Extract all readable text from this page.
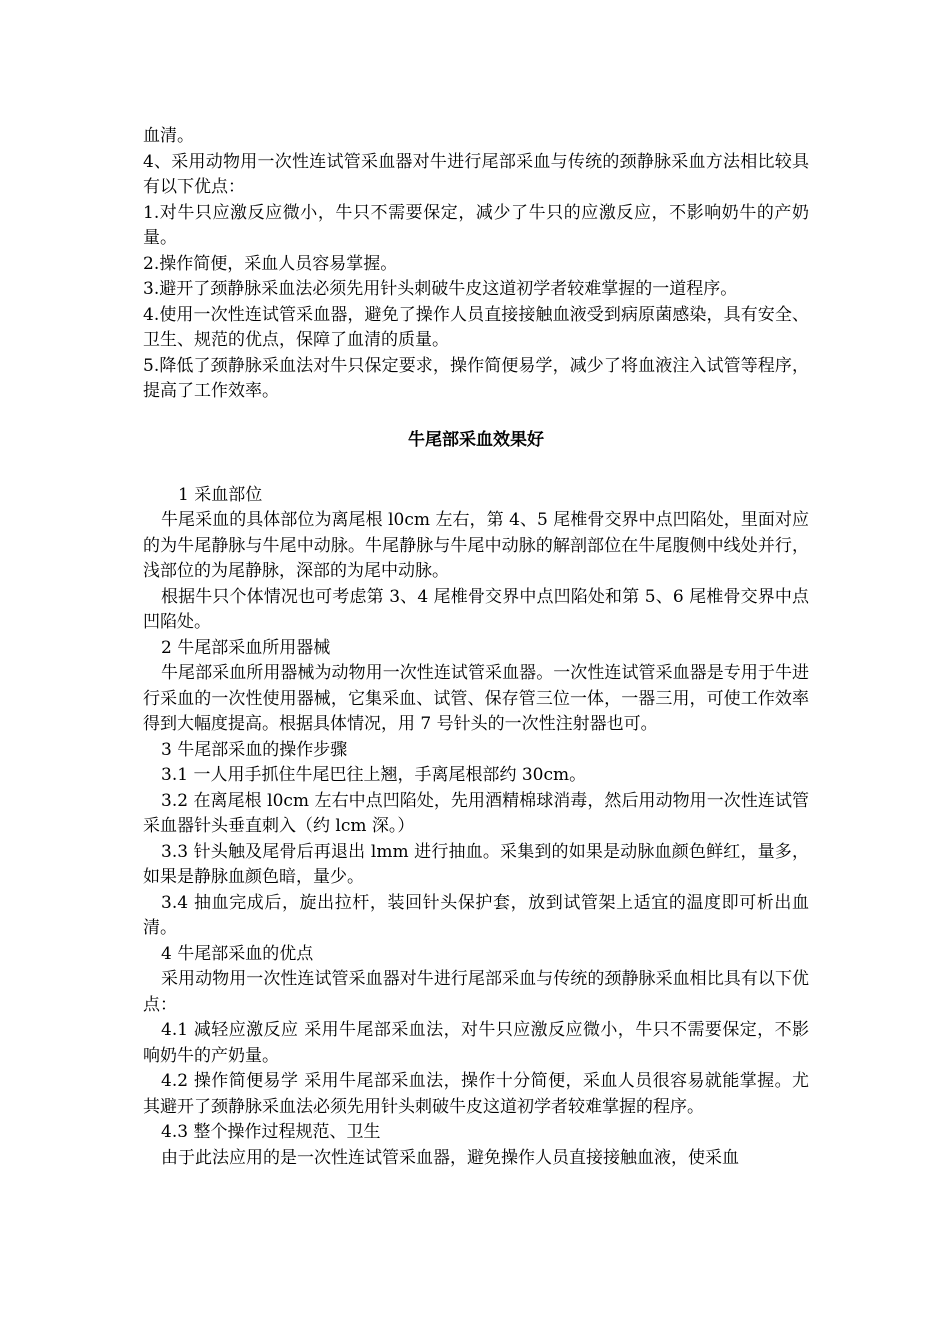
血清。

4、采用动物用一次性连试管采血器对牛进行尾部采血与传统的颈静脉采血方法相比较具有以下优点：

1.对牛只应激反应微小，牛只不需要保定，减少了牛只的应激反应，不影响奶牛的产奶量。

2.操作简便，采血人员容易掌握。

3.避开了颈静脉采血法必须先用针头刺破牛皮这道初学者较难掌握的一道程序。

4.使用一次性连试管采血器，避免了操作人员直接接触血液受到病原菌感染，具有安全、卫生、规范的优点，保障了血清的质量。

5.降低了颈静脉采血法对牛只保定要求，操作简便易学，减少了将血液注入试管等程序，提高了工作效率。

牛尾部采血效果好

1 采血部位

牛尾采血的具体部位为离尾根 l0cm 左右，第 4、5 尾椎骨交界中点凹陷处，里面对应的为牛尾静脉与牛尾中动脉。牛尾静脉与牛尾中动脉的解剖部位在牛尾腹侧中线处并行，浅部位的为尾静脉，深部的为尾中动脉。

根据牛只个体情况也可考虑第 3、4 尾椎骨交界中点凹陷处和第 5、6 尾椎骨交界中点凹陷处。

2 牛尾部采血所用器械

牛尾部采血所用器械为动物用一次性连试管采血器。一次性连试管采血器是专用于牛进行采血的一次性使用器械，它集采血、试管、保存管三位一体，一器三用，可使工作效率得到大幅度提高。根据具体情况，用 7 号针头的一次性注射器也可。

3 牛尾部采血的操作步骤

3.1 一人用手抓住牛尾巴往上翘，手离尾根部约 30cm。

3.2 在离尾根 l0cm 左右中点凹陷处，先用酒精棉球消毒，然后用动物用一次性连试管采血器针头垂直刺入（约 lcm 深。）

3.3 针头触及尾骨后再退出 lmm 进行抽血。采集到的如果是动脉血颜色鲜红，量多，如果是静脉血颜色暗，量少。

3.4 抽血完成后，旋出拉杆，装回针头保护套，放到试管架上适宜的温度即可析出血清。

4 牛尾部采血的优点

采用动物用一次性连试管采血器对牛进行尾部采血与传统的颈静脉采血相比具有以下优点：

4.1 减轻应激反应 采用牛尾部采血法，对牛只应激反应微小，牛只不需要保定，不影响奶牛的产奶量。

4.2 操作简便易学 采用牛尾部采血法，操作十分简便，采血人员很容易就能掌握。尤其避开了颈静脉采血法必须先用针头刺破牛皮这道初学者较难掌握的程序。

4.3 整个操作过程规范、卫生

由于此法应用的是一次性连试管采血器，避免操作人员直接接触血液，使采血
